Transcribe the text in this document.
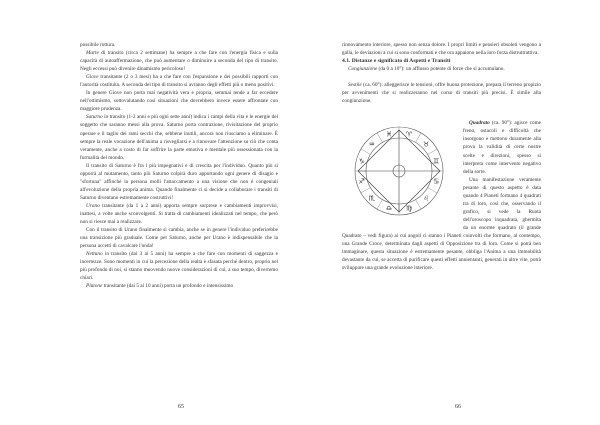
possibile rottura.

Marte di transito (circa 2 settimane) ha sempre a che fare con l'energia fisica e sulla capacità di autoaffermazione, che può aumentare o diminuire a seconda del tipo di transito. Negli eccessi può divenire dinamismo pericoloso!

Giove transitante (2 o 3 mesi) ha a che fare con l'espansione e dei possibili rapporti con l'autorità costituita. A seconda del tipo di transito si avranno degli effetti più o meno positivi.

In genere Giove non porta mai negatività vera e propria, semmai tende a far eccedere nell'ottimismo, sottovalutando così situazioni che dovrebbero invece essere affrontate con maggiore prudenza.

Saturno in transito (1-2 anni e più ogni sette anni) indica i campi della vita e le energie del soggetto che saranno messi alla prova. Saturno porta contrazione, rivisitazione del proprio operare e il taglio dei rami secchi che, sebbene inutili, ancora non riusciamo a eliminare. È sempre la reale vocazione dell'anima a risvegliarsi e a rinnovare l'attenzione su ciò che conta veramente, anche a costo di far soffrire la parte emotiva e mentale più ossessionata con la formalità del mondo.

Il transito di Saturno è fra i più impegnativi e di crescita per l'individuo. Quanto più si opporrà al mutamento, tanto più Saturno colpirà duro apportando ogni genere di disagio e "sfortuna" affinché la persona molli l'attaccamento a una visione che non è congeniali all'evoluzione della propria anima. Quando finalmente ci si decide a collaborare i transiti di Saturno diventano estremamente costruttivi!

Urano transitante (da 1 a 2 anni) apporta sempre sorprese e cambiamenti improvvisi, inattesi, a volte anche sconvolgenti. Si tratta di cambiamenti idealizzati nel tempo, che però non si riesce mai a realizzare.

Con il transito di Urano finalmente si cambia, anche se in genere l'individuo preferirebbe una transizione più graduale. Come per Saturno, anche per Urano è indispensabile che la persona accetti di cavalcare l'onda!

Nettuno in transito (dai 3 ai 5 anni) ha sempre a che fare con momenti di saggezza e incertezze. Sono momenti in cui la percezione della realtà è sfasata perché dentro, proprio nel più profondo di noi, si stanno muovendo nuove considerazioni di cui, a suo tempo, diverremo chiari.

Plutone transitante (dai 5 ai 10 anni) porta un profondo e intensissimo

65

rinnovamento interiore, spesso non senza dolore. I propri limiti e pensieri obsoleti vengono a galla, le deviazioni a cui si sono conformati e che ora appaiono nella loro forza distruttrattiva.

4.1. Distanze e significato di Aspetti e Transiti

Congiunzione (da 0 a 10°): un afflusso potente di forze che si accumulano.

Sestile (ca. 60°): alleggerisce le tensioni, offre buona protezione, prepara il terreno propizio per avvenimenti che si realizzeranno nel corso di transiti più precisi. È simile alla congiunzione.

♈
♉
♊
♋
♌
♍
♎
♏
♐
♑
♒
♓

Quadrato (ca. 90°): agisce come freno, ostacoli e difficoltà che insorgono e mettono duramente alla prova la validità di certe nostre scelte e direzioni, spesso si interpreta come intervento negativo della sorte.

Una manifestazione veramente pesante di questo aspetto è data quando 4 Pianeti formano 4 quadrati tra di loro, così che, osservando il grafico, si vede la Ruota dell'oroscopo inquadrata, ghermita da un enorme quadrato (il grande Quadrato – vedi figura) ai cui angoli ci stanno i Pianeti coinvolti che formano, al contempo, una Grande Croce, determinata dagli aspetti di Opposizione tra di loro. Come si potrà ben immaginare, questa situazione è estremamente pesante, obbliga l'Anima a una immobilità devastante da cui, se accetta di purificare questi effetti annientanti, generati in altre vite, potrà sviluppare una grande evoluzione interiore.

66
